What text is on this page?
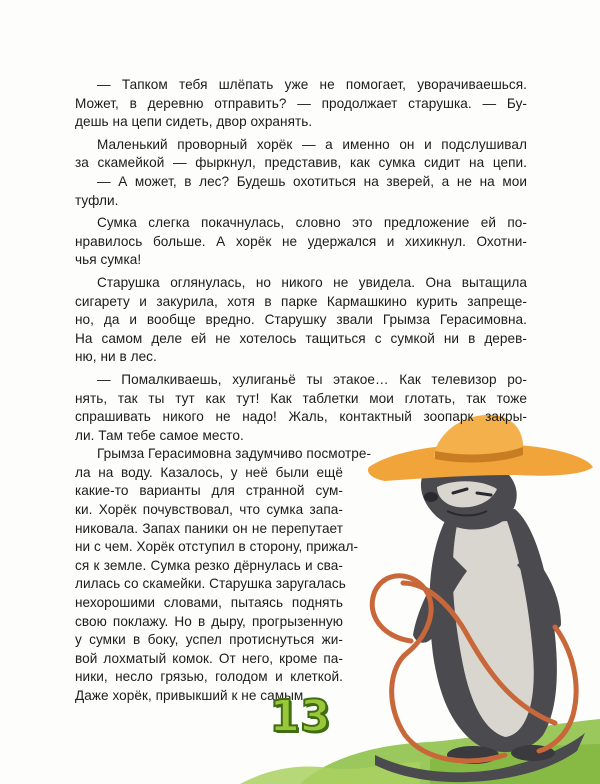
— Тапком тебя шлёпать уже не помогает, уворачиваешься.
Может, в деревню отправить? — продолжает старушка. — Бу-
дешь на цепи сидеть, двор охранять.
Маленький проворный хорёк — а именно он и подслушивал
за скамейкой — фыркнул, представив, как сумка сидит на цепи.
— А может, в лес? Будешь охотиться на зверей, а не на мои
туфли.
Сумка слегка покачнулась, словно это предложение ей по-
нравилось больше. А хорёк не удержался и хихикнул. Охотни-
чья сумка!
Старушка оглянулась, но никого не увидела. Она вытащила
сигарету и закурила, хотя в парке Кармашкино курить запреще-
но, да и вообще вредно. Старушку звали Грымза Герасимовна.
На самом деле ей не хотелось тащиться с сумкой ни в дерев-
ню, ни в лес.
— Помалкиваешь, хулиганьё ты этакое… Как телевизор ро-
нять, так ты тут как тут! Как таблетки мои глотать, так тоже
спрашивать никого не надо! Жаль, контактный зоопарк закры-
ли. Там тебе самое место.
Грымза Герасимовна задумчиво посмотре-
ла на воду. Казалось, у неё были ещё
какие-то варианты для странной сум-
ки. Хорёк почувствовал, что сумка запа-
никовала. Запах паники он не перепутает
ни с чем. Хорёк отступил в сторону, прижал-
ся к земле. Сумка резко дёрнулась и сва-
лилась со скамейки. Старушка заругалась
нехорошими словами, пытаясь поднять
свою поклажу. Но в дыру, прогрызенную
у сумки в боку, успел протиснуться жи-
вой лохматый комок. От него, кроме па-
ники, несло грязью, голодом и клеткой.
Даже хорёк, привыкший к не самым
13
